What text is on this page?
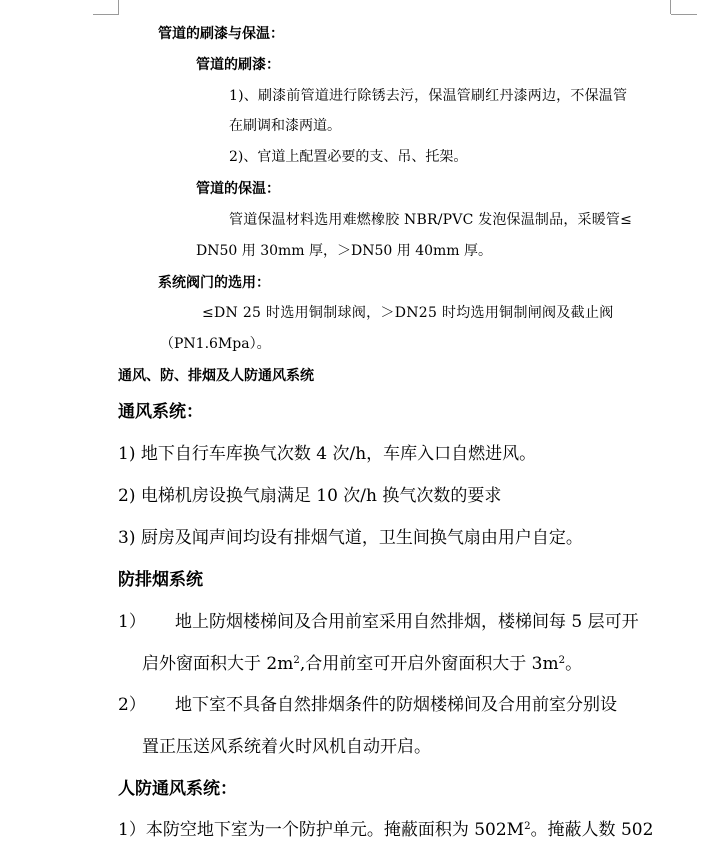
管道的刷漆与保温：
管道的刷漆：
1)、刷漆前管道进行除锈去污，保温管刷红丹漆两边，不保温管
在刷调和漆两道。
2)、官道上配置必要的支、吊、托架。
管道的保温：
管道保温材料选用难燃橡胶 NBR/PVC 发泡保温制品，采暖管≤
DN50 用 30mm 厚，＞DN50 用 40mm 厚。
系统阀门的选用：
≤DN 25 时选用铜制球阀，＞DN25 时均选用铜制闸阀及截止阀
（PN1.6Mpa）。
通风、防、排烟及人防通风系统
通风系统：
1) 地下自行车库换气次数 4 次/h，车库入口自燃进风。
2) 电梯机房设换气扇满足 10 次/h 换气次数的要求
3) 厨房及闻声间均设有排烟气道，卫生间换气扇由用户自定。
防排烟系统
1） 地上防烟楼梯间及合用前室采用自然排烟，楼梯间每 5 层可开
启外窗面积大于 $2m^2$,合用前室可开启外窗面积大于 $3m^2$。
2） 地下室不具备自然排烟条件的防烟楼梯间及合用前室分别设
置正压送风系统着火时风机自动开启。
人防通风系统：
1）本防空地下室为一个防护单元。掩蔽面积为 $502M^2$。掩蔽人数 502
